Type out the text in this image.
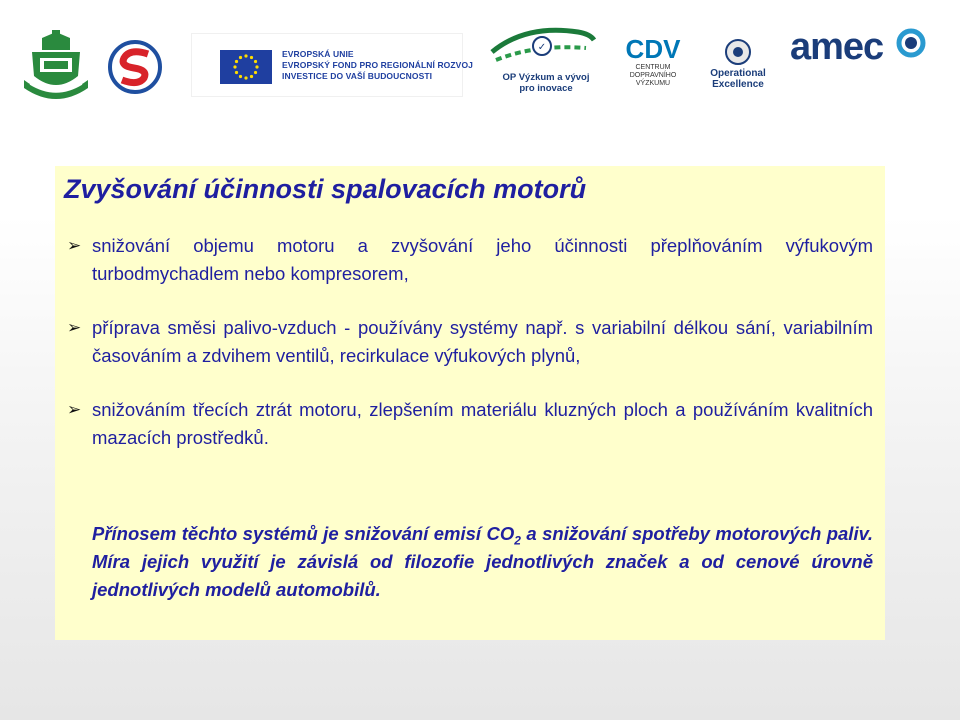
EVROPSKÁ UNIE
EVROPSKÝ FOND PRO REGIONÁLNÍ ROZVOJ
INVESTICE DO VAŠÍ BUDOUCNOSTI
✓
OP Výzkum a vývoj
pro inovace
CDV
CENTRUM
DOPRAVNÍHO
VÝZKUMU
Operational
Excellence
amec
Zvyšování účinnosti spalovacích motorů
➢ snižování objemu motoru a zvyšování jeho účinnosti přeplňováním výfukovým turbodmychadlem nebo kompresorem,
➢ příprava směsi palivo-vzduch - používány systémy např. s variabilní délkou sání, variabilním časováním a zdvihem ventilů, recirkulace výfukových plynů,
➢ snižováním třecích ztrát motoru, zlepšením materiálu kluzných ploch a používáním kvalitních mazacích prostředků.
Přínosem těchto systémů je snižování emisí $CO_2$ a snižování spotřeby motorových paliv. Míra jejich využití je závislá od filozofie jednotlivých značek a od cenové úrovně jednotlivých modelů automobilů.
